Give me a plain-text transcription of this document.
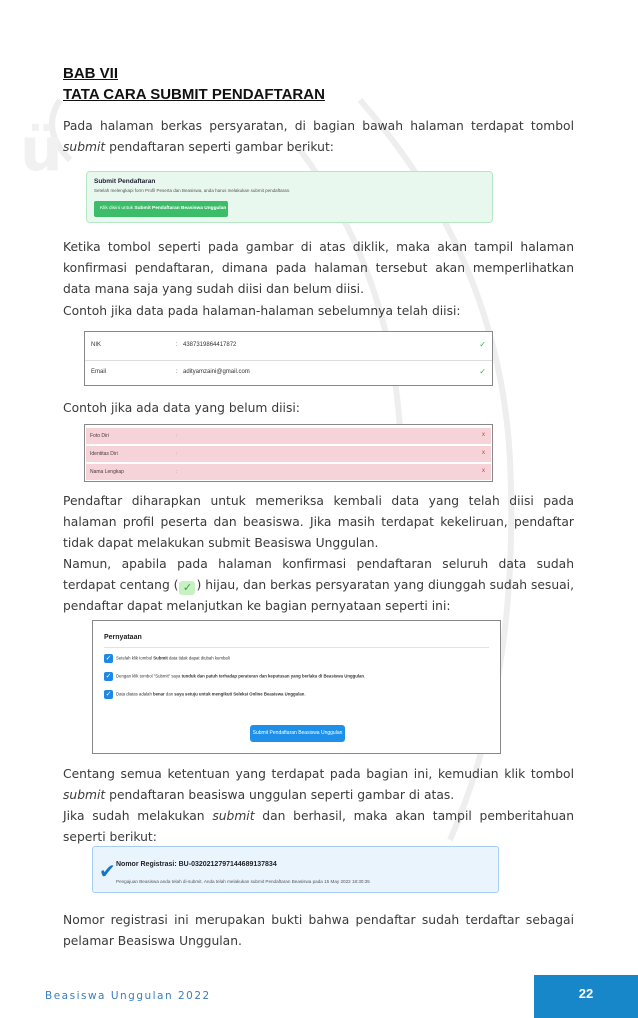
ü
BAB VII
TATA CARA SUBMIT PENDAFTARAN

Pada halaman berkas persyaratan, di bagian bawah halaman terdapat tombol submit pendaftaran seperti gambar berikut:

Submit Pendaftaran
Setelah melengkapi form Profil Peserta dan Beasiswa, anda harus melakukan submit pendaftaran.
Klik disini untuk Submit Pendaftaran Beasiswa Unggulan

Ketika tombol seperti pada gambar di atas diklik, maka akan tampil halaman konfirmasi pendaftaran, dimana pada halaman tersebut akan memperlihatkan data mana saja yang sudah diisi dan belum diisi.

Contoh jika data pada halaman-halaman sebelumnya telah diisi:

NIK	: 4387319864417872	✓
Email	: adityamzaini@gmail.com	✓

Contoh jika ada data yang belum diisi:

Foto Diri	:	x
Identitas Diri	:	x
Nama Lengkap	:	x

Pendaftar diharapkan untuk memeriksa kembali data yang telah diisi pada halaman profil peserta dan beasiswa. Jika masih terdapat kekeliruan, pendaftar tidak dapat melakukan submit Beasiswa Unggulan.

Namun, apabila pada halaman konfirmasi pendaftaran seluruh data sudah terdapat centang ( ✓ ) hijau, dan berkas persyaratan yang diunggah sudah sesuai, pendaftar dapat melanjutkan ke bagian pernyataan seperti ini:

Pernyataan
✓ Setelah klik tombol Submit data tidak dapat diubah kembali
✓ Dengan klik tombol "Submit" saya tunduk dan patuh terhadap peraturan dan keputusan yang berlaku di Beasiswa Unggulan.
✓ Data diatas adalah benar dan saya setuju untuk mengikuti Seleksi Online Beasiswa Unggulan.
Submit Pendaftaran Beasiswa Unggulan

Centang semua ketentuan yang terdapat pada bagian ini, kemudian klik tombol submit pendaftaran beasiswa unggulan seperti gambar di atas.

Jika sudah melakukan submit dan berhasil, maka akan tampil pemberitahuan seperti berikut:

✔ Nomor Registrasi: BU-0320212797144689137834
Pengajuan Beasiswa anda telah di-submit. Anda telah melakukan submit Pendaftaran Beasiswa pada 15 May 2022 18:30:35

Nomor registrasi ini merupakan bukti bahwa pendaftar sudah terdaftar sebagai pelamar Beasiswa Unggulan.

Beasiswa Unggulan 2022	22
